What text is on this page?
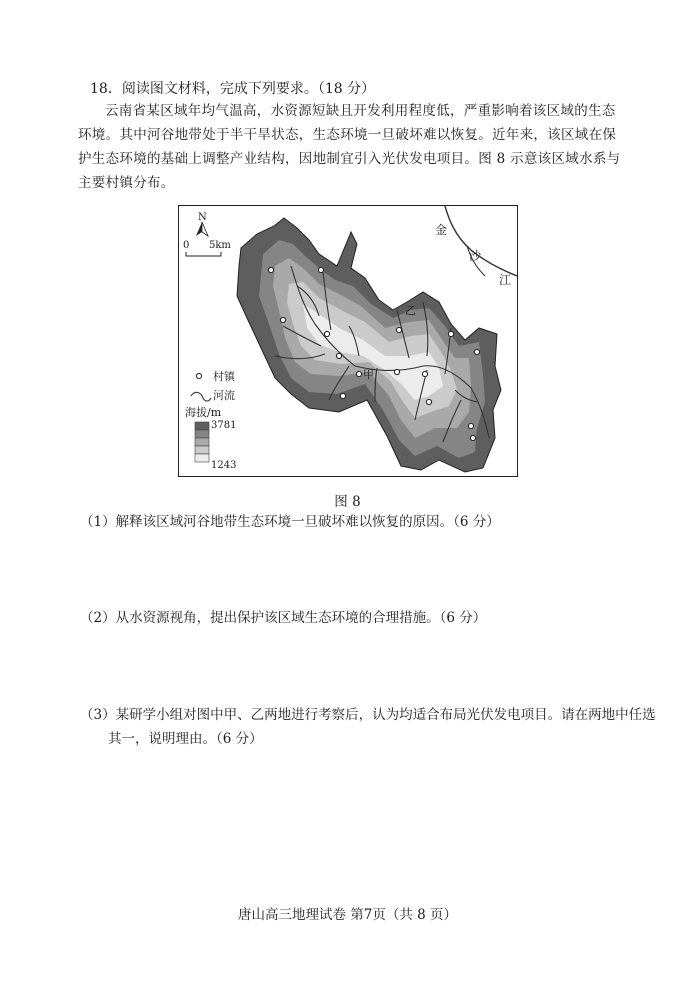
18．阅读图文材料，完成下列要求。（18 分）

云南省某区域年均气温高，水资源短缺且开发利用程度低，严重影响着该区域的生态环境。其中河谷地带处于半干旱状态，生态环境一旦破坏难以恢复。近年来，该区域在保护生态环境的基础上调整产业结构，因地制宜引入光伏发电项目。图 8 示意该区域水系与主要村镇分布。

甲
乙
金
沙
江
N
0 5km
村镇
河流
海拔/m
3781
1243
图 8

（1）解释该区域河谷地带生态环境一旦破坏难以恢复的原因。（6 分）

（2）从水资源视角，提出保护该区域生态环境的合理措施。（6 分）

（3）某研学小组对图中甲、乙两地进行考察后，认为均适合布局光伏发电项目。请在两地中任选其一，说明理由。（6 分）

唐山高三地理试卷 第7页（共 8 页）
